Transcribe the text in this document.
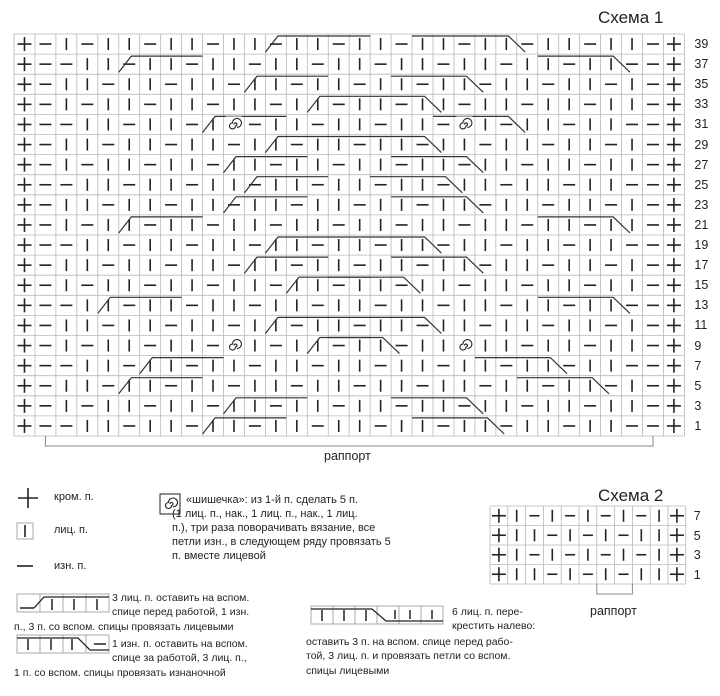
Схема 1
39
37
35
33
31
29
27
25
23
21
19
17
15
13
11
9
7
5
3
1
раппорт
кром. п.
лиц. п.
изн. п.
«шишечка»: из 1-й п. сделать 5 п.
(1 лиц. п., нак., 1 лиц. п., нак., 1 лиц.
п.), три раза поворачивать вязание, все
петли изн., в следующем ряду провязать 5
п. вместе лицевой
3 лиц. п. оставить на вспом.
спице перед работой, 1 изн.
п., 3 п. со вспом. спицы провязать лицевыми
1 изн. п. оставить на вспом.
спице за работой, 3 лиц. п.,
1 п. со вспом. спицы провязать изнаночной
6 лиц. п. пере-
крестить налево:
оставить 3 п. на вспом. спице перед рабо-
той, 3 лиц. п. и провязать петли со вспом.
спицы лицевыми
Схема 2
7
5
3
1
раппорт
